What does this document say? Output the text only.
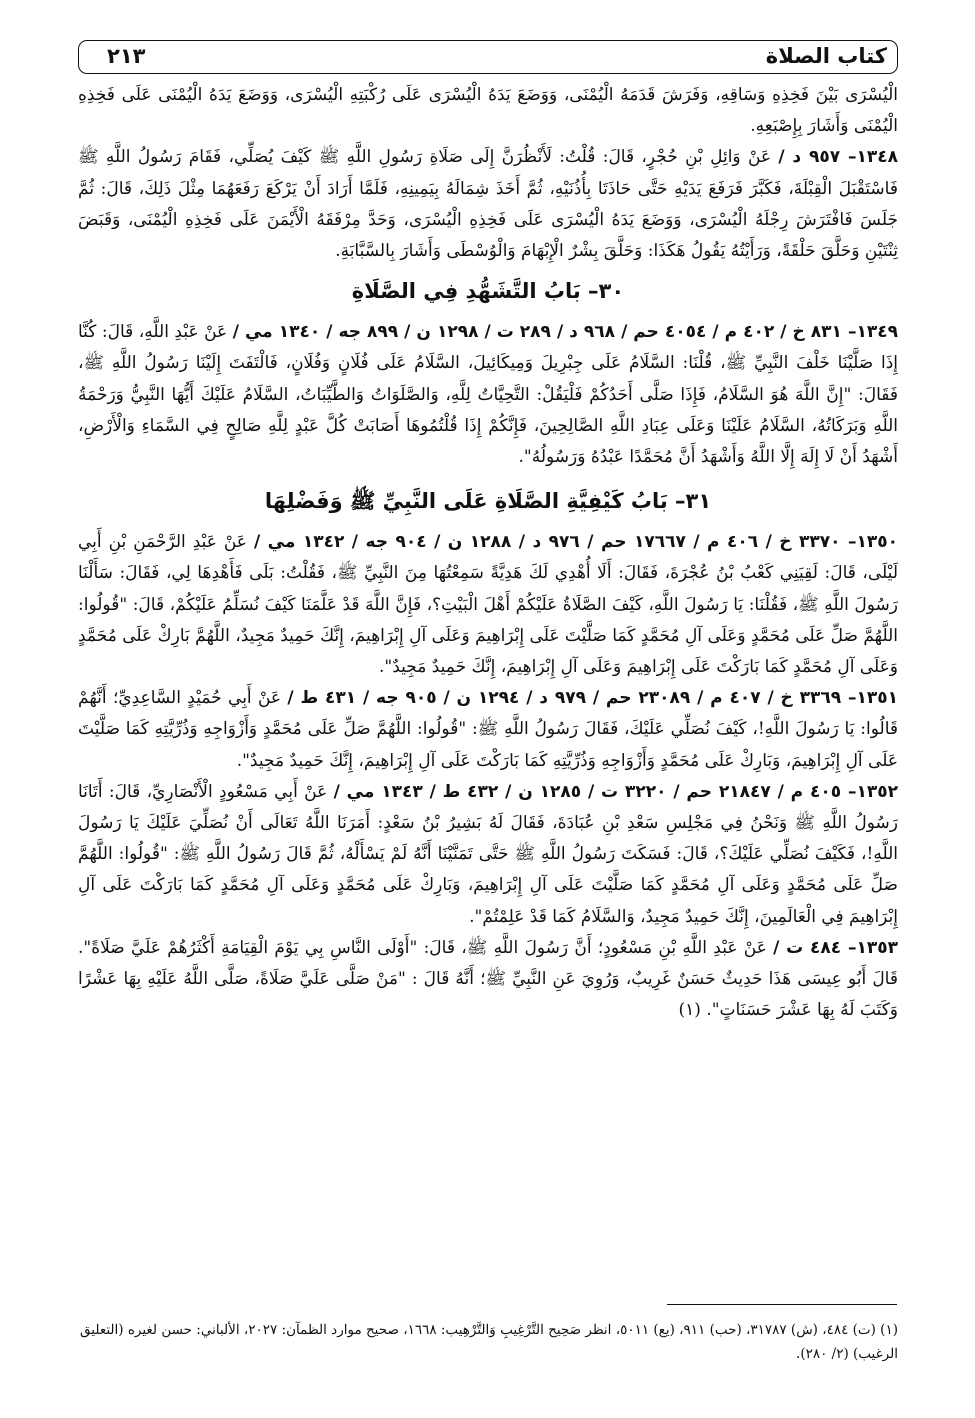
كتاب الصلاة
٢١٣

الْيُسْرَى بَيْنَ فَخِذِهِ وَسَاقِهِ، وَفَرَشَ قَدَمَهُ الْيُمْنَى، وَوَضَعَ يَدَهُ الْيُسْرَى عَلَى رُكْبَتِهِ الْيُسْرَى، وَوَضَعَ يَدَهُ الْيُمْنَى عَلَى فَخِذِهِ الْيُمْنَى وَأَشَارَ بِإِصْبَعِهِ.

١٣٤٨– ٩٥٧ د / عَنْ وَائِلِ بْنِ حُجْرٍ، قَالَ: قُلْتُ: لَأَنْظُرَنَّ إِلَى صَلَاةِ رَسُولِ اللَّهِ ﷺ كَيْفَ يُصَلِّي، فَقَامَ رَسُولُ اللَّهِ ﷺ فَاسْتَقْبَلَ الْقِبْلَةَ، فَكَبَّرَ فَرَفَعَ يَدَيْهِ حَتَّى حَاذَتَا بِأُذُنَيْهِ، ثُمَّ أَخَذَ شِمَالَهُ بِيَمِينِهِ، فَلَمَّا أَرَادَ أَنْ يَرْكَعَ رَفَعَهُمَا مِثْلَ ذَلِكَ، قَالَ: ثُمَّ جَلَسَ فَافْتَرَشَ رِجْلَهُ الْيُسْرَى، وَوَضَعَ يَدَهُ الْيُسْرَى عَلَى فَخِذِهِ الْيُسْرَى، وَحَدَّ مِرْفَقَهُ الْأَيْمَنَ عَلَى فَخِذِهِ الْيُمْنَى، وَقَبَضَ ثِنْتَيْنِ وَحَلَّقَ حَلْقَةً، وَرَأَيْتُهُ يَقُولُ هَكَذَا: وَحَلَّقَ بِشْرٌ الْإِبْهَامَ وَالْوُسْطَى وَأَشَارَ بِالسَّبَّابَةِ.

٣٠– بَابُ التَّشَهُّدِ فِي الصَّلَاةِ

١٣٤٩– ٨٣١ خ / ٤٠٢ م / ٤٠٥٤ حم / ٩٦٨ د / ٢٨٩ ت / ١٢٩٨ ن / ٨٩٩ جه / ١٣٤٠ مي / عَنْ عَبْدِ اللَّهِ، قَالَ: كُنَّا إِذَا صَلَّيْنَا خَلْفَ النَّبِيِّ ﷺ، قُلْنَا: السَّلَامُ عَلَى جِبْرِيلَ وَمِيكَائِيلَ، السَّلَامُ عَلَى فُلَانٍ وَفُلَانٍ، فَالْتَفَتَ إِلَيْنَا رَسُولُ اللَّهِ ﷺ، فَقَالَ: "إِنَّ اللَّهَ هُوَ السَّلَامُ، فَإِذَا صَلَّى أَحَدُكُمْ فَلْيَقُلْ: التَّحِيَّاتُ لِلَّهِ، وَالصَّلَوَاتُ وَالطَّيِّبَاتُ، السَّلَامُ عَلَيْكَ أَيُّهَا النَّبِيُّ وَرَحْمَةُ اللَّهِ وَبَرَكَاتُهُ، السَّلَامُ عَلَيْنَا وَعَلَى عِبَادِ اللَّهِ الصَّالِحِينَ، فَإِنَّكُمْ إِذَا قُلْتُمُوهَا أَصَابَتْ كُلَّ عَبْدٍ لِلَّهِ صَالِحٍ فِي السَّمَاءِ وَالْأَرْضِ، أَشْهَدُ أَنْ لَا إِلَهَ إِلَّا اللَّهُ وَأَشْهَدُ أَنَّ مُحَمَّدًا عَبْدُهُ وَرَسُولُهُ".

٣١– بَابُ كَيْفِيَّةِ الصَّلَاةِ عَلَى النَّبِيِّ ﷺ وَفَضْلِهَا

١٣٥٠– ٣٣٧٠ خ / ٤٠٦ م / ١٧٦٦٧ حم / ٩٧٦ د / ١٢٨٨ ن / ٩٠٤ جه / ١٣٤٢ مي / عَنْ عَبْدِ الرَّحْمَنِ بْنِ أَبِي لَيْلَى، قَالَ: لَقِيَنِي كَعْبُ بْنُ عُجْرَةَ، فَقَالَ: أَلَا أُهْدِي لَكَ هَدِيَّةً سَمِعْتُهَا مِنَ النَّبِيِّ ﷺ، فَقُلْتُ: بَلَى فَأَهْدِهَا لِي، فَقَالَ: سَأَلْنَا رَسُولَ اللَّهِ ﷺ، فَقُلْنَا: يَا رَسُولَ اللَّهِ، كَيْفَ الصَّلَاةُ عَلَيْكُمْ أَهْلَ الْبَيْتِ؟، فَإِنَّ اللَّهَ قَدْ عَلَّمَنَا كَيْفَ نُسَلِّمُ عَلَيْكُمْ، قَالَ: "قُولُوا: اللَّهُمَّ صَلِّ عَلَى مُحَمَّدٍ وَعَلَى آلِ مُحَمَّدٍ كَمَا صَلَّيْتَ عَلَى إِبْرَاهِيمَ وَعَلَى آلِ إِبْرَاهِيمَ، إِنَّكَ حَمِيدٌ مَجِيدٌ، اللَّهُمَّ بَارِكْ عَلَى مُحَمَّدٍ وَعَلَى آلِ مُحَمَّدٍ كَمَا بَارَكْتَ عَلَى إِبْرَاهِيمَ وَعَلَى آلِ إِبْرَاهِيمَ، إِنَّكَ حَمِيدٌ مَجِيدٌ".

١٣٥١– ٣٣٦٩ خ / ٤٠٧ م / ٢٣٠٨٩ حم / ٩٧٩ د / ١٢٩٤ ن / ٩٠٥ جه / ٤٣١ ط / عَنْ أَبِي حُمَيْدٍ السَّاعِدِيِّ؛ أَنَّهُمْ قَالُوا: يَا رَسُولَ اللَّهِ!، كَيْفَ نُصَلِّي عَلَيْكَ، فَقَالَ رَسُولُ اللَّهِ ﷺ: "قُولُوا: اللَّهُمَّ صَلِّ عَلَى مُحَمَّدٍ وَأَزْوَاجِهِ وَذُرِّيَّتِهِ كَمَا صَلَّيْتَ عَلَى آلِ إِبْرَاهِيمَ، وَبَارِكْ عَلَى مُحَمَّدٍ وَأَزْوَاجِهِ وَذُرِّيَّتِهِ كَمَا بَارَكْتَ عَلَى آلِ إِبْرَاهِيمَ، إِنَّكَ حَمِيدٌ مَجِيدٌ".

١٣٥٢– ٤٠٥ م / ٢١٨٤٧ حم / ٣٢٢٠ ت / ١٢٨٥ ن / ٤٣٢ ط / ١٣٤٣ مي / عَنْ أَبِي مَسْعُودٍ الْأَنْصَارِيِّ، قَالَ: أَتَانَا رَسُولُ اللَّهِ ﷺ وَنَحْنُ فِي مَجْلِسِ سَعْدِ بْنِ عُبَادَةَ، فَقَالَ لَهُ بَشِيرُ بْنُ سَعْدٍ: أَمَرَنَا اللَّهُ تَعَالَى أَنْ نُصَلِّيَ عَلَيْكَ يَا رَسُولَ اللَّهِ!، فَكَيْفَ نُصَلِّي عَلَيْكَ؟، قَالَ: فَسَكَتَ رَسُولُ اللَّهِ ﷺ حَتَّى تَمَنَّيْنَا أَنَّهُ لَمْ يَسْأَلْهُ، ثُمَّ قَالَ رَسُولُ اللَّهِ ﷺ: "قُولُوا: اللَّهُمَّ صَلِّ عَلَى مُحَمَّدٍ وَعَلَى آلِ مُحَمَّدٍ كَمَا صَلَّيْتَ عَلَى آلِ إِبْرَاهِيمَ، وَبَارِكْ عَلَى مُحَمَّدٍ وَعَلَى آلِ مُحَمَّدٍ كَمَا بَارَكْتَ عَلَى آلِ إِبْرَاهِيمَ فِي الْعَالَمِينَ، إِنَّكَ حَمِيدٌ مَجِيدٌ، وَالسَّلَامُ كَمَا قَدْ عَلِمْتُمْ".

١٣٥٣– ٤٨٤ ت / عَنْ عَبْدِ اللَّهِ بْنِ مَسْعُودٍ؛ أَنَّ رَسُولَ اللَّهِ ﷺ، قَالَ: "أَوْلَى النَّاسِ بِي يَوْمَ الْقِيَامَةِ أَكْثَرُهُمْ عَلَيَّ صَلَاةً". قَالَ أَبُو عِيسَى هَذَا حَدِيثٌ حَسَنٌ غَرِيبٌ، وَرُوِيَ عَنِ النَّبِيِّ ﷺ؛ أَنَّهُ قَالَ : "مَنْ صَلَّى عَلَيَّ صَلَاةً، صَلَّى اللَّهُ عَلَيْهِ بِهَا عَشْرًا وَكَتَبَ لَهُ بِهَا عَشْرَ حَسَنَاتٍ". (١)

(١) (ت) ٤٨٤، (ش) ٣١٧٨٧، (حب) ٩١١، (يع) ٥٠١١، انظر صَحِيح التَّرْغِيبِ وَالتَّرْهِيب: ١٦٦٨، صحيح موارد الظمآن: ٢٠٢٧، الألباني: حسن لغيره (التعليق الرغيب) (٢/ ٢٨٠).
